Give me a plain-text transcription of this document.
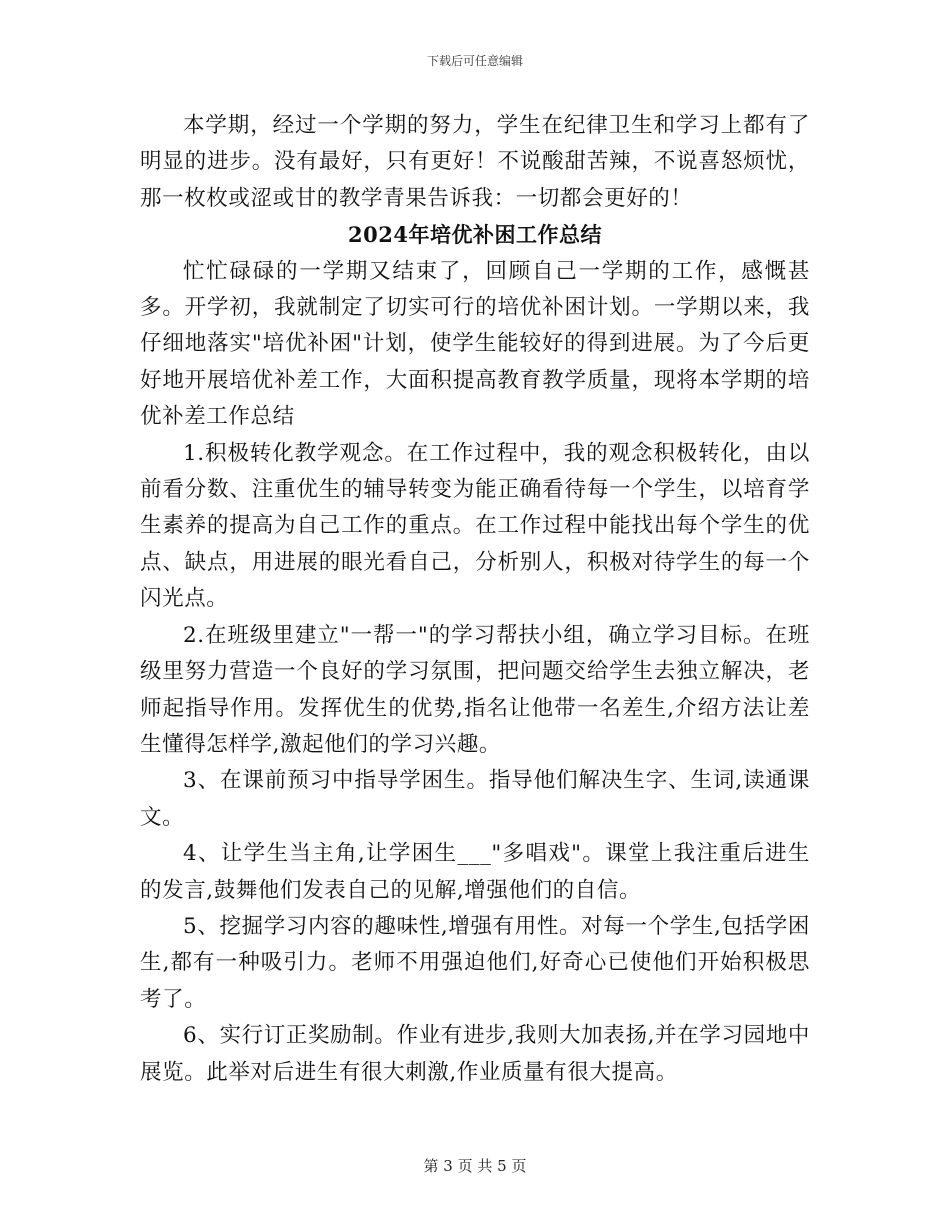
下载后可任意编辑

本学期，经过一个学期的努力，学生在纪律卫生和学习上都有了明显的进步。没有最好，只有更好！不说酸甜苦辣，不说喜怒烦忧，那一枚枚或涩或甘的教学青果告诉我：一切都会更好的！

2024年培优补困工作总结

忙忙碌碌的一学期又结束了，回顾自己一学期的工作，感慨甚多。开学初，我就制定了切实可行的培优补困计划。一学期以来，我仔细地落实"培优补困"计划，使学生能较好的得到进展。为了今后更好地开展培优补差工作，大面积提高教育教学质量，现将本学期的培优补差工作总结

1.积极转化教学观念。在工作过程中，我的观念积极转化，由以前看分数、注重优生的辅导转变为能正确看待每一个学生，以培育学生素养的提高为自己工作的重点。在工作过程中能找出每个学生的优点、缺点，用进展的眼光看自己，分析别人，积极对待学生的每一个闪光点。

2.在班级里建立"一帮一"的学习帮扶小组，确立学习目标。在班级里努力营造一个良好的学习氛围，把问题交给学生去独立解决，老师起指导作用。发挥优生的优势,指名让他带一名差生,介绍方法让差生懂得怎样学,激起他们的学习兴趣。

3、在课前预习中指导学困生。指导他们解决生字、生词,读通课文。

4、让学生当主角,让学困生___"多唱戏"。课堂上我注重后进生的发言,鼓舞他们发表自己的见解,增强他们的自信。

5、挖掘学习内容的趣味性,增强有用性。对每一个学生,包括学困生,都有一种吸引力。老师不用强迫他们,好奇心已使他们开始积极思考了。

6、实行订正奖励制。作业有进步,我则大加表扬,并在学习园地中展览。此举对后进生有很大刺激,作业质量有很大提高。

第 3 页 共 5 页
